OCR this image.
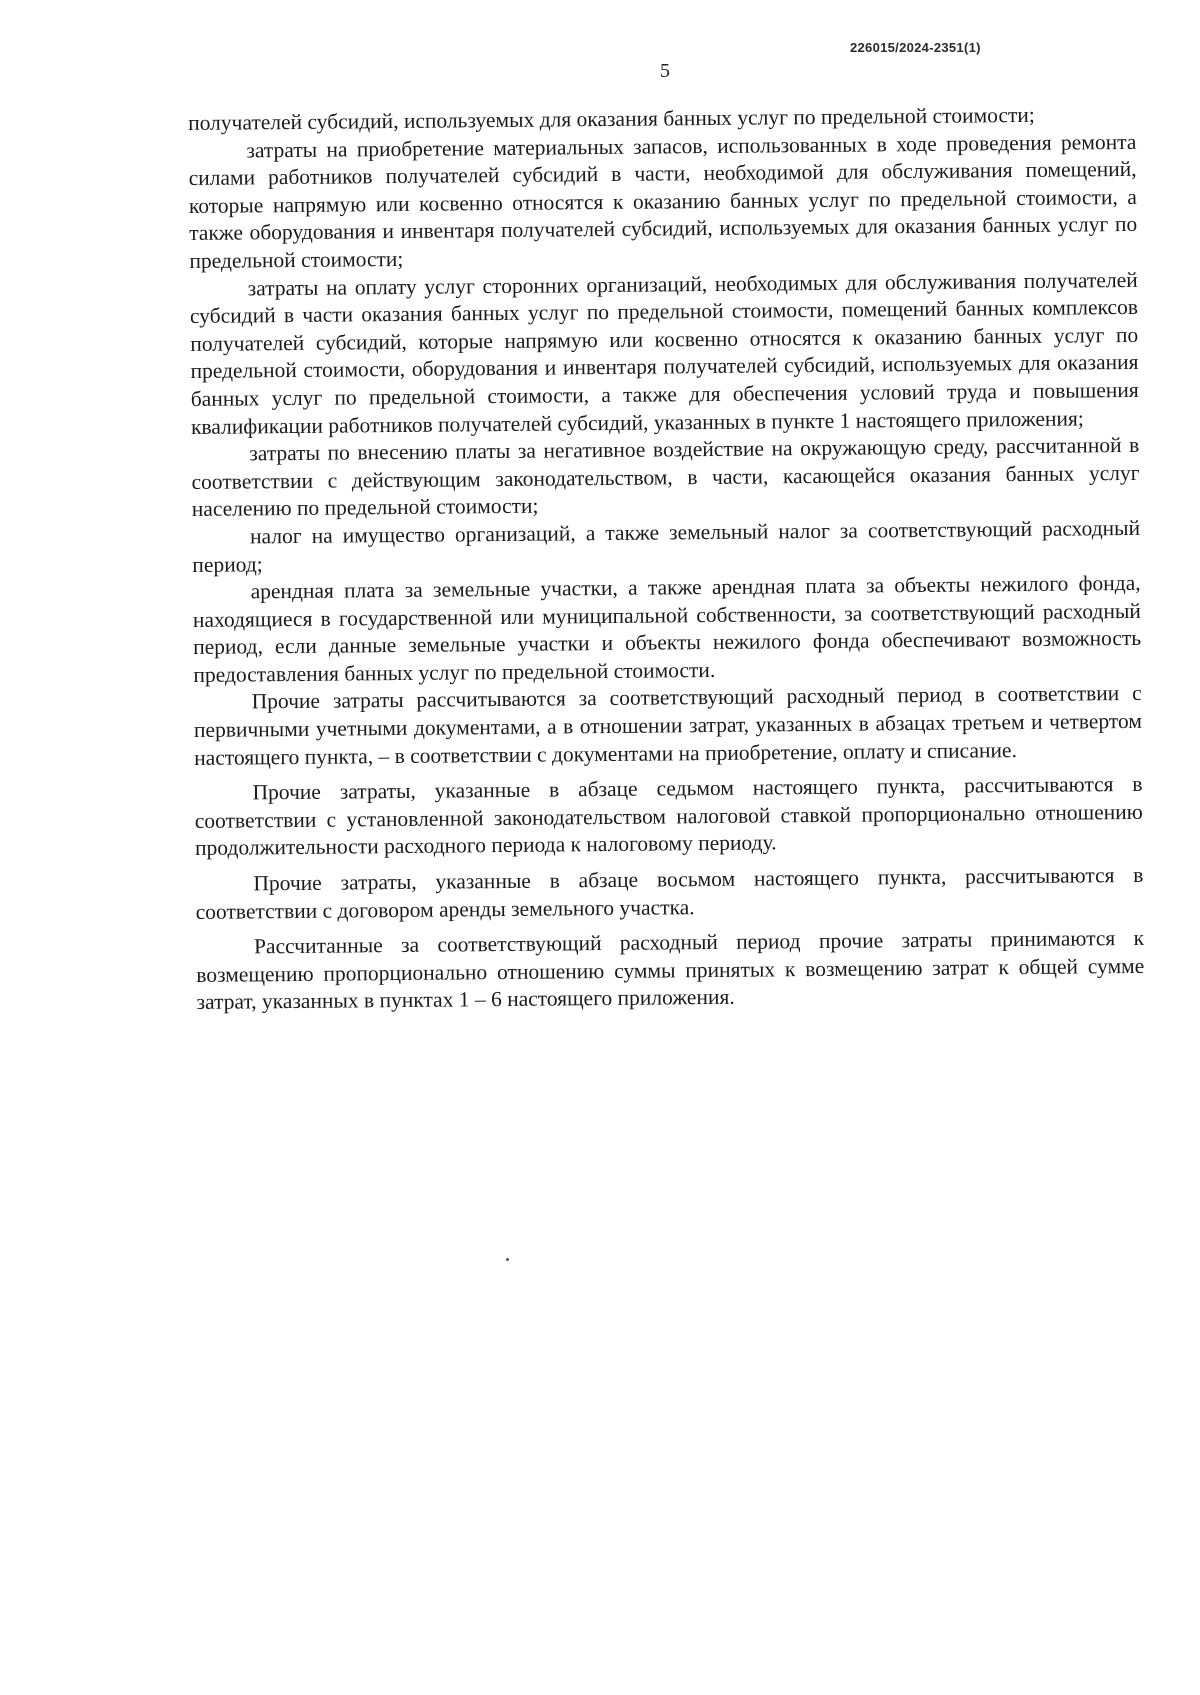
226015/2024-2351(1)
5

получателей субсидий, используемых для оказания банных услуг по предельной стоимости;

затраты на приобретение материальных запасов, использованных в ходе проведения ремонта силами работников получателей субсидий в части, необходимой для обслуживания помещений, которые напрямую или косвенно относятся к оказанию банных услуг по предельной стоимости, а также оборудования и инвентаря получателей субсидий, используемых для оказания банных услуг по предельной стоимости;

затраты на оплату услуг сторонних организаций, необходимых для обслуживания получателей субсидий в части оказания банных услуг по предельной стоимости, помещений банных комплексов получателей субсидий, которые напрямую или косвенно относятся к оказанию банных услуг по предельной стоимости, оборудования и инвентаря получателей субсидий, используемых для оказания банных услуг по предельной стоимости, а также для обеспечения условий труда и повышения квалификации работников получателей субсидий, указанных в пункте 1 настоящего приложения;

затраты по внесению платы за негативное воздействие на окружающую среду, рассчитанной в соответствии с действующим законодательством, в части, касающейся оказания банных услуг населению по предельной стоимости;

налог на имущество организаций, а также земельный налог за соответствующий расходный период;

арендная плата за земельные участки, а также арендная плата за объекты нежилого фонда, находящиеся в государственной или муниципальной собственности, за соответствующий расходный период, если данные земельные участки и объекты нежилого фонда обеспечивают возможность предоставления банных услуг по предельной стоимости.

Прочие затраты рассчитываются за соответствующий расходный период в соответствии с первичными учетными документами, а в отношении затрат, указанных в абзацах третьем и четвертом настоящего пункта, – в соответствии с документами на приобретение, оплату и списание.

Прочие затраты, указанные в абзаце седьмом настоящего пункта, рассчитываются в соответствии с установленной законодательством налоговой ставкой пропорционально отношению продолжительности расходного периода к налоговому периоду.

Прочие затраты, указанные в абзаце восьмом настоящего пункта, рассчитываются в соответствии с договором аренды земельного участка.

Рассчитанные за соответствующий расходный период прочие затраты принимаются к возмещению пропорционально отношению суммы принятых к возмещению затрат к общей сумме затрат, указанных в пунктах 1 – 6 настоящего приложения.
